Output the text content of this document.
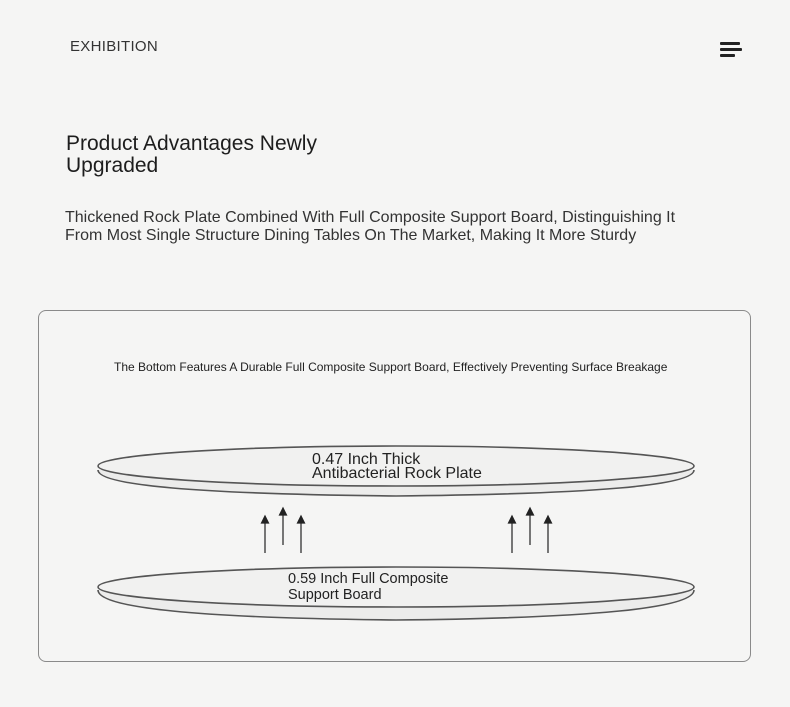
EXHIBITION
Product Advantages Newly Upgraded

Thickened Rock Plate Combined With Full Composite Support Board, Distinguishing It From Most Single Structure Dining Tables On The Market, Making It More Sturdy

The Bottom Features A Durable Full Composite Support Board, Effectively Preventing Surface Breakage
0.47 Inch Thick
Antibacterial Rock Plate
0.59 Inch Full Composite
Support Board
